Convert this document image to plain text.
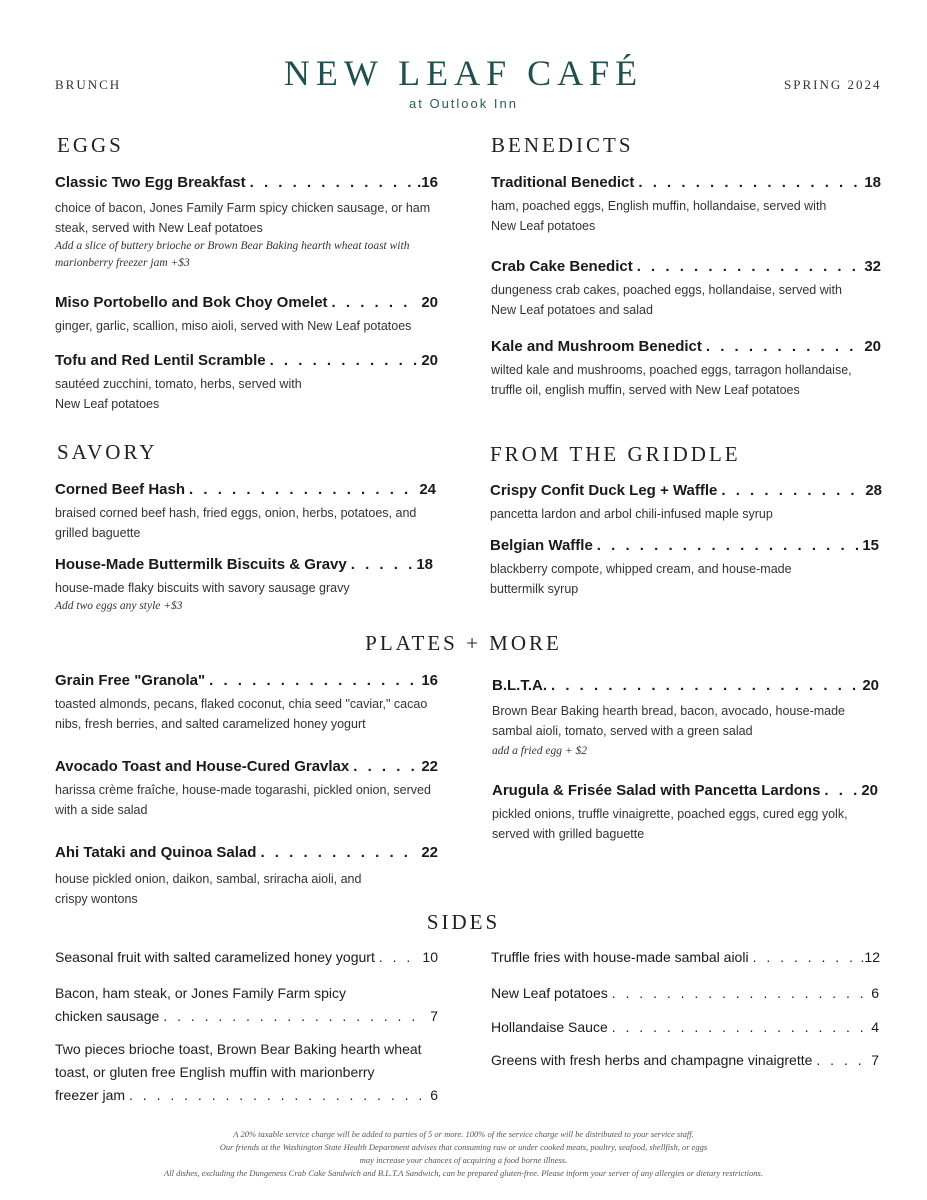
BRUNCH	NEW LEAF CAFÉ
at Outlook Inn
SPRING 2024
EGGS
Classic Two Egg Breakfast . . .	.16
choice of bacon, Jones Family Farm spicy chicken sausage, or ham steak, served with New Leaf potatoes
Add a slice of buttery brioche or Brown Bear Baking hearth wheat toast with marionberry freezer jam +$3
Miso Portobello and Bok Choy Omelet . . .	20
ginger, garlic, scallion, miso aioli, served with New Leaf potatoes
Tofu and Red Lentil Scramble . . .	20
sautéed zucchini, tomato, herbs, served with New Leaf potatoes
BENEDICTS
Traditional Benedict . . .	18
ham, poached eggs, English muffin, hollandaise, served with New Leaf potatoes
Crab Cake Benedict . . .	32
dungeness crab cakes, poached eggs, hollandaise, served with New Leaf potatoes and salad
Kale and Mushroom Benedict . . .	20
wilted kale and mushrooms, poached eggs, tarragon hollandaise, truffle oil, english muffin, served with New Leaf potatoes
SAVORY
Corned Beef Hash . . .	24
braised corned beef hash, fried eggs, onion, herbs, potatoes, and grilled baguette
House-Made Buttermilk Biscuits & Gravy . . .	18
house-made flaky biscuits with savory sausage gravy
Add two eggs any style +$3
FROM THE GRIDDLE
Crispy Confit Duck Leg + Waffle . . .	28
pancetta lardon and arbol chili-infused maple syrup
Belgian Waffle . . .	15
blackberry compote, whipped cream, and house-made buttermilk syrup
PLATES + MORE
Grain Free "Granola" . . .	16
toasted almonds, pecans, flaked coconut, chia seed "caviar," cacao nibs, fresh berries, and salted caramelized honey yogurt
Avocado Toast and House-Cured Gravlax . . .	22
harissa crème fraîche, house-made togarashi, pickled onion, served with a side salad
Ahi Tataki and Quinoa Salad . . .	22
house pickled onion, daikon, sambal, sriracha aioli, and crispy wontons
B.L.T.A. . . .	20
Brown Bear Baking hearth bread, bacon, avocado, house-made sambal aioli, tomato, served with a green salad
add a fried egg + $2
Arugula & Frisée Salad with Pancetta Lardons . . .	20
pickled onions, truffle vinaigrette, poached eggs, cured egg yolk, served with grilled baguette
SIDES
Seasonal fruit with salted caramelized honey yogurt . . .	10
Bacon, ham steak, or Jones Family Farm spicy
chicken sausage . . .	7
Two pieces brioche toast, Brown Bear Baking hearth wheat toast, or gluten free English muffin with marionberry
freezer jam . . .	6
Truffle fries with house-made sambal aioli . . .	.12
New Leaf potatoes . . .	6
Hollandaise Sauce . . .	4
Greens with fresh herbs and champagne vinaigrette . . .	7
A 20% taxable service charge will be added to parties of 5 or more. 100% of the service charge will be distributed to your service staff.
Our friends at the Washington State Health Department advises that consuming raw or under cooked meats, poultry, seafood, shellfish, or eggs
may increase your chances of acquiring a food borne illness.
All dishes, excluding the Dungeness Crab Cake Sandwich and B.L.T.A Sandwich, can be prepared gluten-free. Please inform your server of any allergies or dietary restrictions.
